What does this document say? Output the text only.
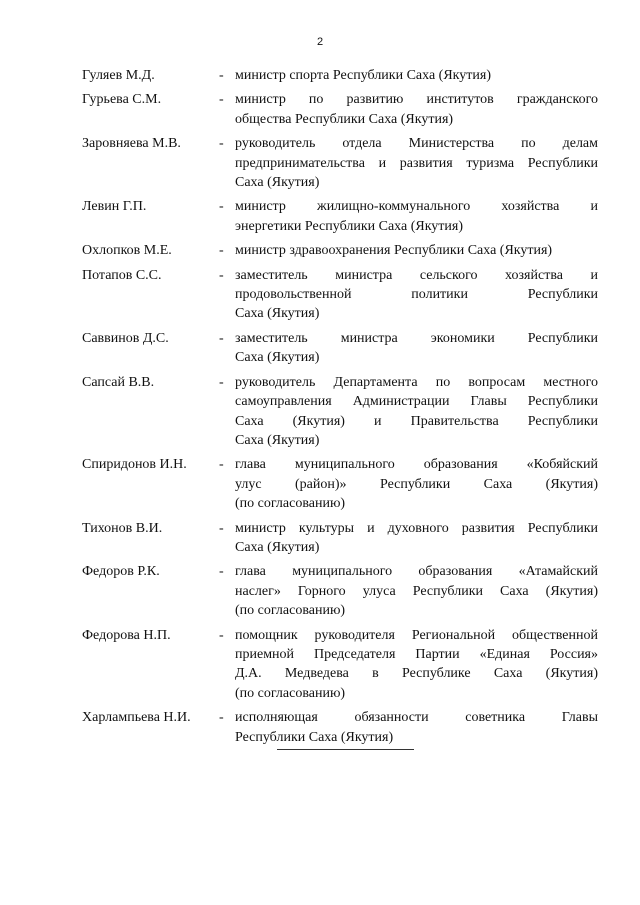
2
Гуляев М.Д.	- министр спорта Республики Саха (Якутия)
Гурьева С.М.	- министр по развитию институтов гражданского
общества Республики Саха (Якутия)
Заровняева М.В.	- руководитель отдела Министерства по делам
предпринимательства и развития туризма Республики
Саха (Якутия)
Левин Г.П.	- министр жилищно-коммунального хозяйства и
энергетики Республики Саха (Якутия)
Охлопков М.Е.	- министр здравоохранения Республики Саха (Якутия)
Потапов С.С.	- заместитель министра сельского хозяйства и
продовольственной политики Республики
Саха (Якутия)
Саввинов Д.С.	- заместитель министра экономики Республики
Саха (Якутия)
Сапсай В.В.	- руководитель Департамента по вопросам местного
самоуправления Администрации Главы Республики
Саха (Якутия) и Правительства Республики
Саха (Якутия)
Спиридонов И.Н. - глава муниципального образования «Кобяйский
улус (район)» Республики Саха (Якутия)
(по согласованию)
Тихонов В.И.	- министр культуры и духовного развития Республики
Саха (Якутия)
Федоров Р.К.	- глава муниципального образования «Атамайский
наслег» Горного улуса Республики Саха (Якутия)
(по согласованию)
Федорова Н.П.	- помощник руководителя Региональной общественной
приемной Председателя Партии «Единая Россия»
Д.А. Медведева в Республике Саха (Якутия)
(по согласованию)
Харлампьева Н.И. - исполняющая обязанности советника Главы
Республики Саха (Якутия)
